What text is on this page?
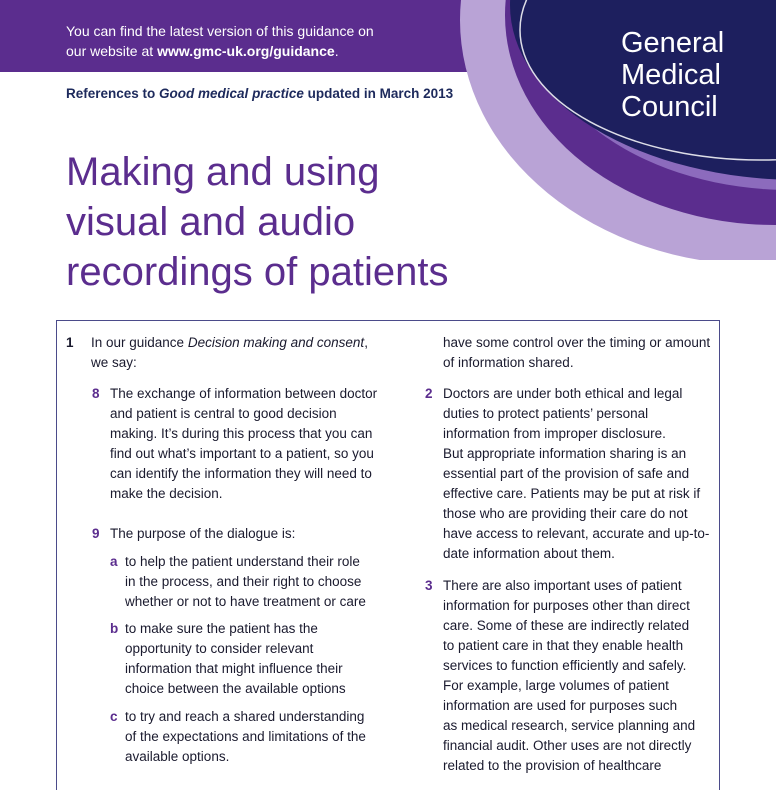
You can find the latest version of this guidance on
our website at www.gmc-uk.org/guidance.	General
Medical
Council
References to Good medical practice updated in March 2013
Making and using
visual and audio
recordings of patients
1 In our guidance Decision making and consent,
we say:
8 The exchange of information between doctor
and patient is central to good decision
making. It’s during this process that you can
find out what’s important to a patient, so you
can identify the information they will need to
make the decision.
9 The purpose of the dialogue is:
a to help the patient understand their role
in the process, and their right to choose
whether or not to have treatment or care
b to make sure the patient has the
opportunity to consider relevant
information that might influence their
choice between the available options
c to try and reach a shared understanding
of the expectations and limitations of the
available options.
have some control over the timing or amount
of information shared.
2 Doctors are under both ethical and legal
duties to protect patients’ personal
information from improper disclosure.
But appropriate information sharing is an
essential part of the provision of safe and
effective care. Patients may be put at risk if
those who are providing their care do not
have access to relevant, accurate and up-to-
date information about them.
3 There are also important uses of patient
information for purposes other than direct
care. Some of these are indirectly related
to patient care in that they enable health
services to function efficiently and safely.
For example, large volumes of patient
information are used for purposes such
as medical research, service planning and
financial audit. Other uses are not directly
related to the provision of healthcare
